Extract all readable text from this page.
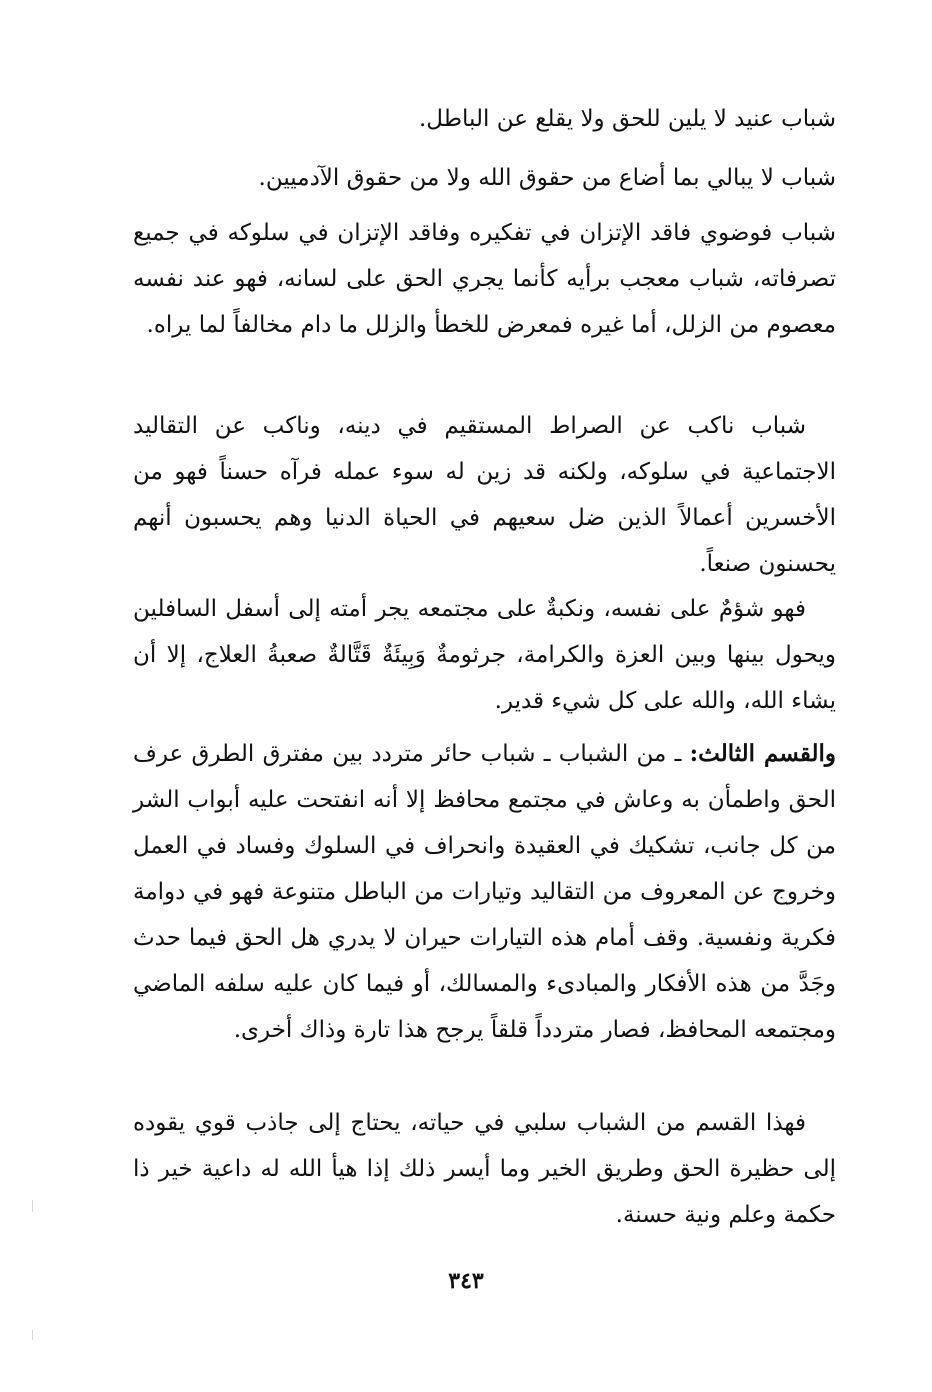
شباب عنيد لا يلين للحق ولا يقلع عن الباطل.

شباب لا يبالي بما أضاع من حقوق الله ولا من حقوق الآدميين.

شباب فوضوي فاقد الإتزان في تفكيره وفاقد الإتزان في سلوكه في جميع تصرفاته، شباب معجب برأيه كأنما يجري الحق على لسانه، فهو عند نفسه معصوم من الزلل، أما غيره فمعرض للخطأ والزلل ما دام مخالفاً لما يراه.

شباب ناكب عن الصراط المستقيم في دينه، وناكب عن التقاليد الاجتماعية في سلوكه، ولكنه قد زين له سوء عمله فرآه حسناً فهو من الأخسرين أعمالاً الذين ضل سعيهم في الحياة الدنيا وهم يحسبون أنهم يحسنون صنعاً.

فهو شؤمٌ على نفسه، ونكبةٌ على مجتمعه يجر أمته إلى أسفل السافلين ويحول بينها وبين العزة والكرامة، جرثومةٌ وَبِيئَةٌ قَتَّالةٌ صعبةُ العلاج، إلا أن يشاء الله، والله على كل شيء قدير.

والقسم الثالث: ـ من الشباب ـ شباب حائر متردد بين مفترق الطرق عرف الحق واطمأن به وعاش في مجتمع محافظ إلا أنه انفتحت عليه أبواب الشر من كل جانب، تشكيك في العقيدة وانحراف في السلوك وفساد في العمل وخروج عن المعروف من التقاليد وتيارات من الباطل متنوعة فهو في دوامة فكرية ونفسية. وقف أمام هذه التيارات حيران لا يدري هل الحق فيما حدث وجَدَّ من هذه الأفكار والمبادىء والمسالك، أو فيما كان عليه سلفه الماضي ومجتمعه المحافظ، فصار متردداً قلقاً يرجح هذا تارة وذاك أخرى.

فهذا القسم من الشباب سلبي في حياته، يحتاج إلى جاذب قوي يقوده إلى حظيرة الحق وطريق الخير وما أيسر ذلك إذا هيأ الله له داعية خير ذا حكمة وعلم ونية حسنة.

٣٤٣
